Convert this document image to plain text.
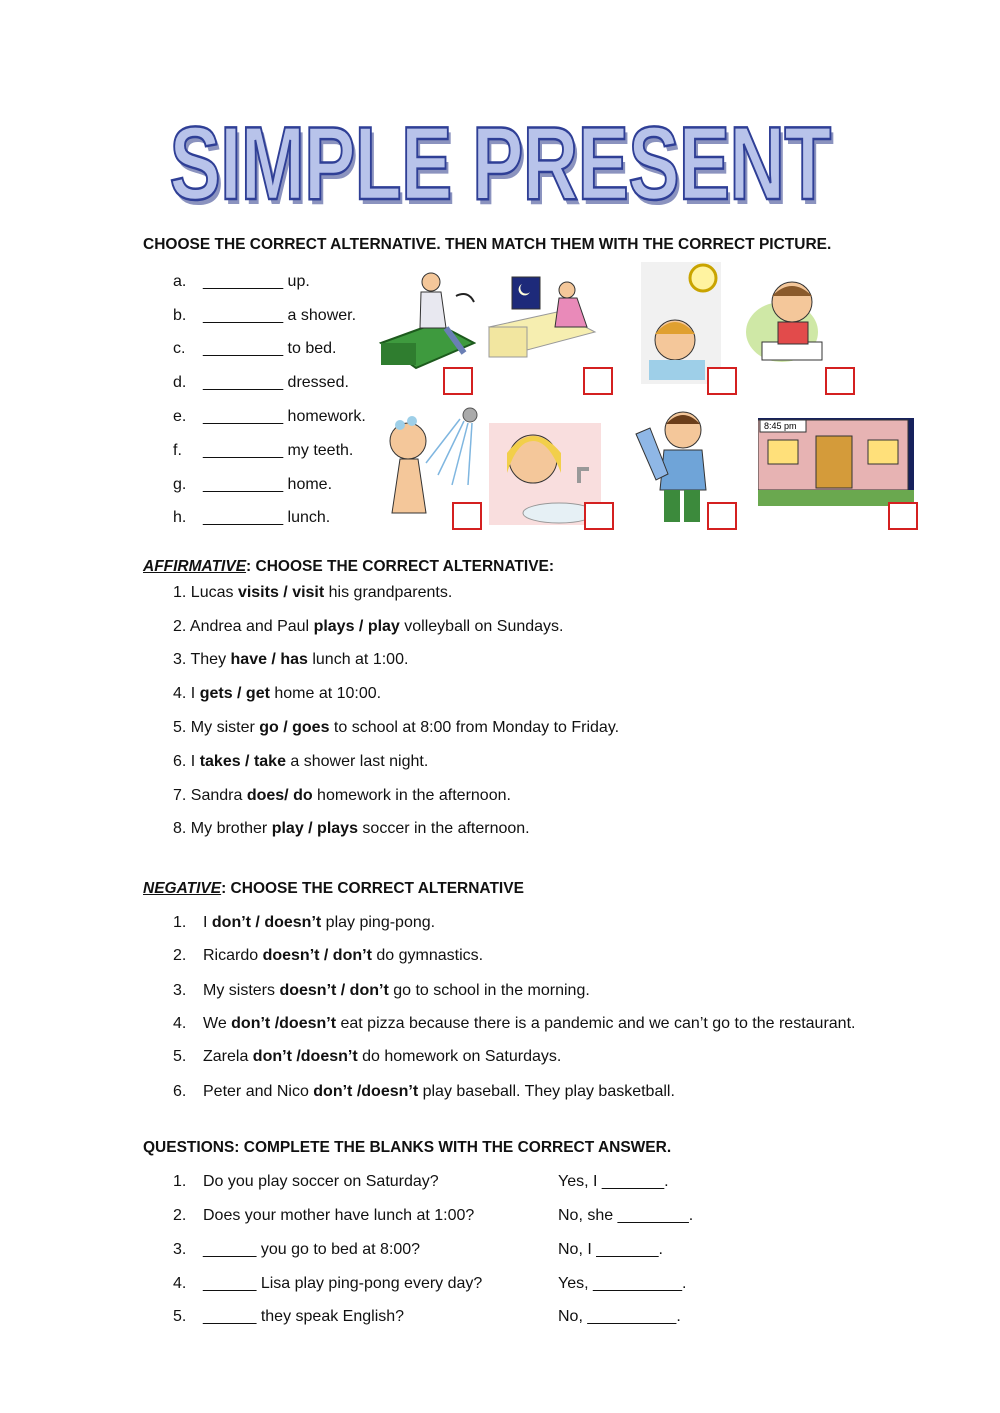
SIMPLE PRESENT
CHOOSE THE CORRECT ALTERNATIVE. THEN MATCH THEM WITH THE CORRECT PICTURE.
a. _________ up.
b. _________ a shower.
c. _________ to bed.
d. _________ dressed.
e. _________ homework.
f. _________ my teeth.
g. _________ home.
h. _________ lunch.
8:45 pm
AFFIRMATIVE: CHOOSE THE CORRECT ALTERNATIVE:
1. Lucas visits / visit his grandparents.
2. Andrea and Paul plays / play volleyball on Sundays.
3. They have / has lunch at 1:00.
4. I gets / get home at 10:00.
5. My sister go / goes to school at 8:00 from Monday to Friday.
6. I takes / take a shower last night.
7. Sandra does/ do homework in the afternoon.
8. My brother play / plays soccer in the afternoon.
NEGATIVE: CHOOSE THE CORRECT ALTERNATIVE
1. I don’t / doesn’t play ping-pong.
2. Ricardo doesn’t / don’t do gymnastics.
3. My sisters doesn’t / don’t go to school in the morning.
4. We don’t /doesn’t eat pizza because there is a pandemic and we can’t go to the restaurant.
5. Zarela don’t /doesn’t do homework on Saturdays.
6. Peter and Nico don’t /doesn’t play baseball. They play basketball.
QUESTIONS: COMPLETE THE BLANKS WITH THE CORRECT ANSWER.
1. Do you play soccer on Saturday?	Yes, I _______.
2. Does your mother have lunch at 1:00?	No, she ________.
3. ______ you go to bed at 8:00?	No, I _______.
4. ______ Lisa play ping-pong every day?	Yes, __________.
5. ______ they speak English?	No, __________.
